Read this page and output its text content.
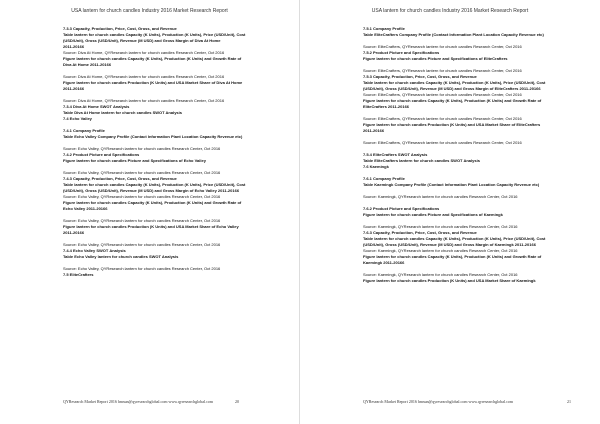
USA lantern for church candles Industry 2016 Market Research Report
7.3.3 Capacity, Production, Price, Cost, Gross, and Revenue
Table lantern for church candles Capacity (K Units), Production (K Units), Price (USD/Unit), Cost
(USD/Unit), Gross (USD/Unit), Revenue (M USD) and Gross Margin of Diva At Home
2011-20166
Source: Diva At Home, QYResearch lantern for church candles Research Center, Oct 2016
Figure lantern for church candles Capacity (K Units), Production (K Units) and Growth Rate of
Diva At Home 2011-20166
Source: Diva At Home, QYResearch lantern for church candles Research Center, Oct 2016
Figure lantern for church candles Production (K Units) and USA Market Share of Diva At Home
2011-20166
Source: Diva At Home, QYResearch lantern for church candles Research Center, Oct 2016
7.3.4 Diva At Home SWOT Analysis
Table Diva At Home lantern for church candles SWOT Analysis
7.4 Echo Valley
7.4.1 Company Profile
Table Echo Valley Company Profile (Contact Information Plant Location Capacity Revenue etc)
Source: Echo Valley, QYResearch lantern for church candles Research Center, Oct 2016
7.4.2 Product Picture and Specifications
Figure lantern for church candles Picture and Specifications of Echo Valley
Source: Echo Valley, QYResearch lantern for church candles Research Center, Oct 2016
7.4.3 Capacity, Production, Price, Cost, Gross, and Revenue
Table lantern for church candles Capacity (K Units), Production (K Units), Price (USD/Unit), Cost
(USD/Unit), Gross (USD/Unit), Revenue (M USD) and Gross Margin of Echo Valley 2011-20166
Source: Echo Valley, QYResearch lantern for church candles Research Center, Oct 2016
Figure lantern for church candles Capacity (K Units), Production (K Units) and Growth Rate of
Echo Valley 2011-20166
Source: Echo Valley, QYResearch lantern for church candles Research Center, Oct 2016
Figure lantern for church candles Production (K Units) and USA Market Share of Echo Valley
2011-20166
Source: Echo Valley, QYResearch lantern for church candles Research Center, Oct 2016
7.4.4 Echo Valley SWOT Analysis
Table Echo Valley lantern for church candles SWOT Analysis
Source: Echo Valley, QYResearch lantern for church candles Research Center, Oct 2016
7.5 EliteCrafters
QYResearch Market Report 2016 hmsun@qyresearchglobal.com www.qyresearchglobal.com	20
USA lantern for church candles Industry 2016 Market Research Report
7.5.1 Company Profile
Table EliteCrafters Company Profile (Contact Information Plant Location Capacity Revenue etc)
Source: EliteCrafters, QYResearch lantern for church candles Research Center, Oct 2016
7.5.2 Product Picture and Specifications
Figure lantern for church candles Picture and Specifications of EliteCrafters
Source: EliteCrafters, QYResearch lantern for church candles Research Center, Oct 2016
7.5.3 Capacity, Production, Price, Cost, Gross, and Revenue
Table lantern for church candles Capacity (K Units), Production (K Units), Price (USD/Unit), Cost
(USD/Unit), Gross (USD/Unit), Revenue (M USD) and Gross Margin of EliteCrafters 2011-20166
Source: EliteCrafters, QYResearch lantern for church candles Research Center, Oct 2016
Figure lantern for church candles Capacity (K Units), Production (K Units) and Growth Rate of
EliteCrafters 2011-20166
Source: EliteCrafters, QYResearch lantern for church candles Research Center, Oct 2016
Figure lantern for church candles Production (K Units) and USA Market Share of EliteCrafters
2011-20166
Source: EliteCrafters, QYResearch lantern for church candles Research Center, Oct 2016
7.5.4 EliteCrafters SWOT Analysis
Table EliteCrafters lantern for church candles SWOT Analysis
7.6 Kaemingk
7.6.1 Company Profile
Table Kaemingk Company Profile (Contact Information Plant Location Capacity Revenue etc)
Source: Kaemingk, QYResearch lantern for church candles Research Center, Oct 2016
7.6.2 Product Picture and Specifications
Figure lantern for church candles Picture and Specifications of Kaemingk
Source: Kaemingk, QYResearch lantern for church candles Research Center, Oct 2016
7.6.3 Capacity, Production, Price, Cost, Gross, and Revenue
Table lantern for church candles Capacity (K Units), Production (K Units), Price (USD/Unit), Cost
(USD/Unit), Gross (USD/Unit), Revenue (M USD) and Gross Margin of Kaemingk 2011-20166
Source: Kaemingk, QYResearch lantern for church candles Research Center, Oct 2016
Figure lantern for church candles Capacity (K Units), Production (K Units) and Growth Rate of
Kaemingk 2011-20166
Source: Kaemingk, QYResearch lantern for church candles Research Center, Oct 2016
Figure lantern for church candles Production (K Units) and USA Market Share of Kaemingk
QYResearch Market Report 2016 hmsun@qyresearchglobal.com www.qyresearchglobal.com	21
